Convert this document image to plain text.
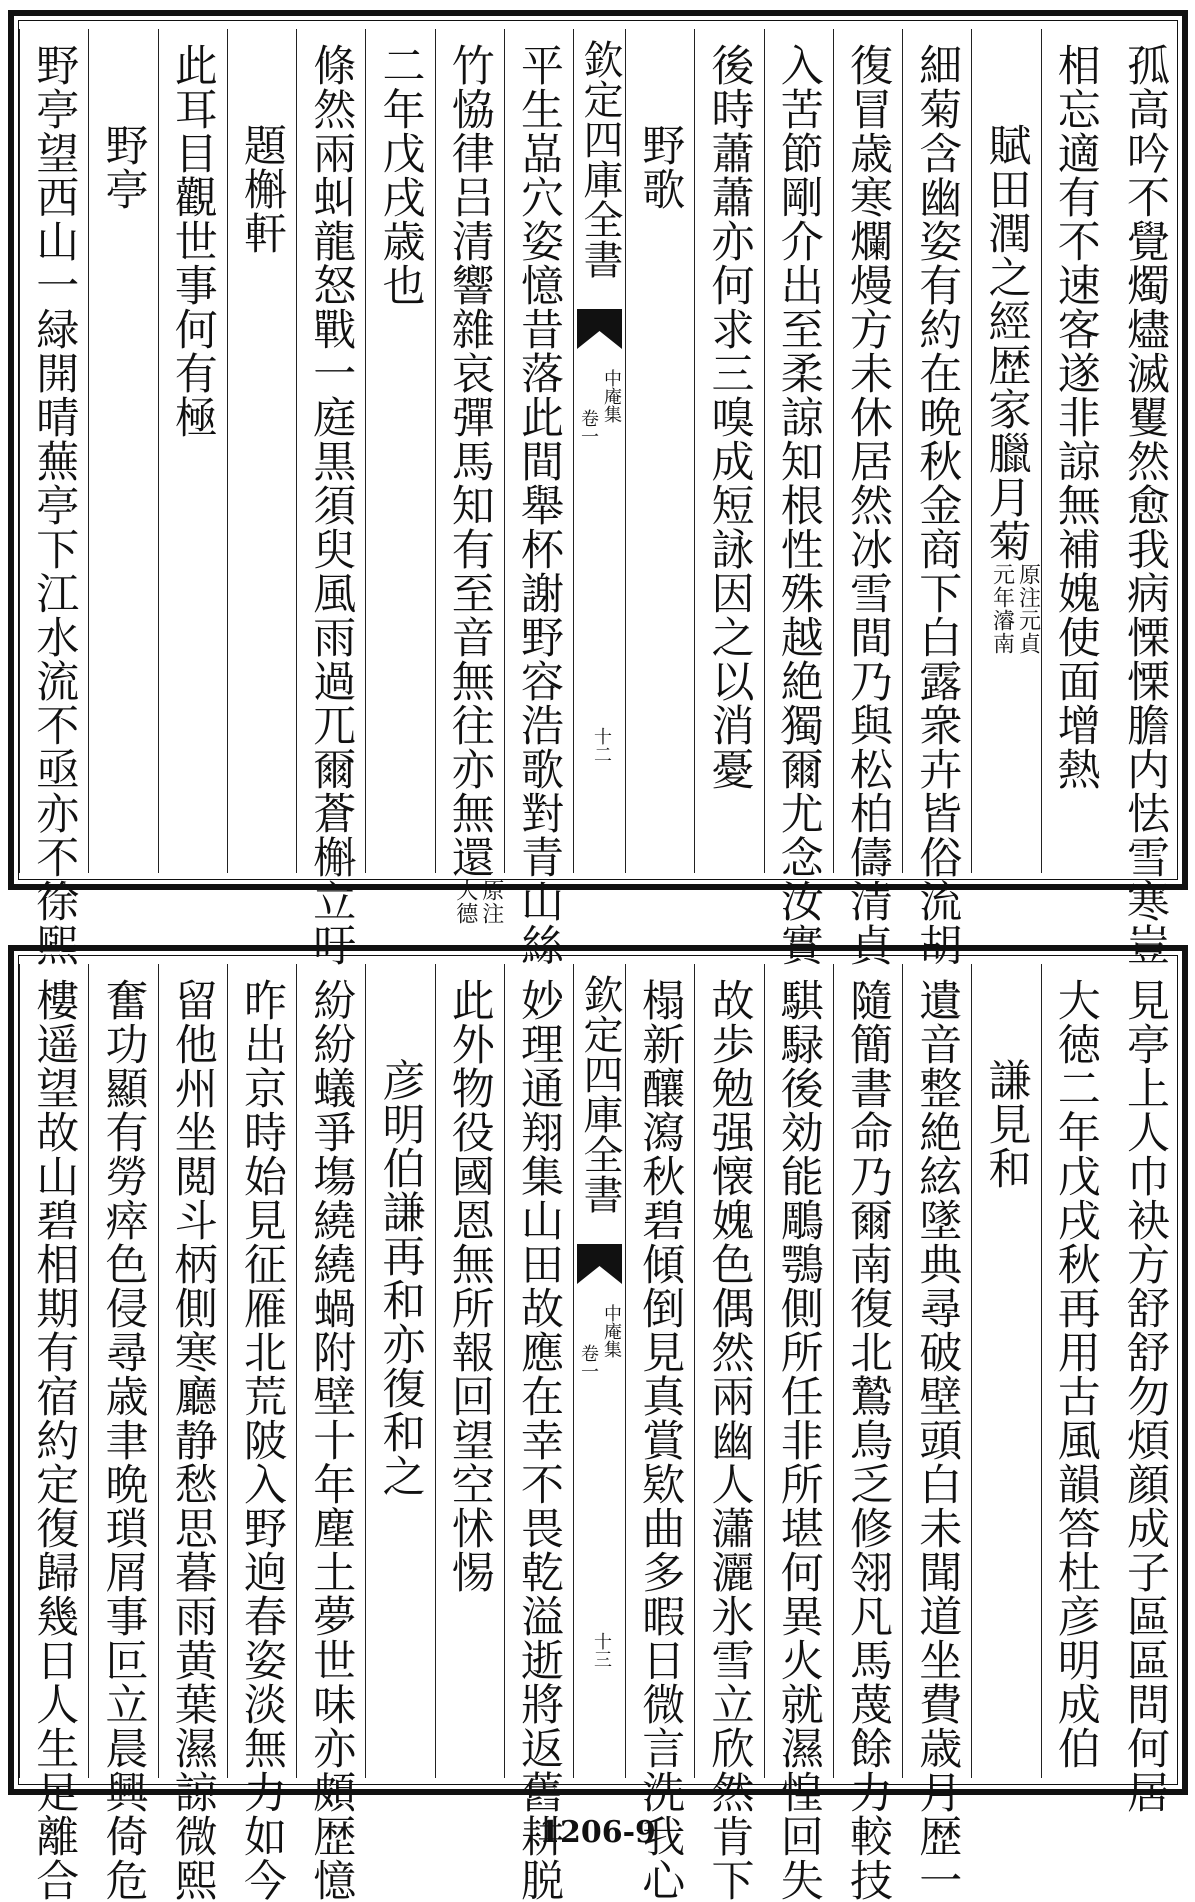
孤高吟不覺燭燼滅矍然愈我病慄慄膽内怯雪寒豈
相忘適有不速客遂非諒無補媿使面增熱
賦田潤之經歴家臘月菊
原注元貞
元年濬南
細菊含幽姿有約在晩秋金商下白露衆卉皆俗流胡
復冒歳寒爛熳方未休居然冰雪間乃與松柏儔清貞
入苦節剛介出至柔諒知根性殊越絶獨爾尤念汝實
後時蕭蕭亦何求三嗅成短詠因之以消憂
野歌
欽定四庫全書
中庵集
卷一
十二
平生嵓穴姿憶昔落此間舉杯謝野容浩歌對青山絲
竹恊律吕清響雜哀彈馬知有至音無往亦無還
原注
大德
二年戊戌歳也
條然兩虯龍怒戰一庭黒須臾風雨過兀爾蒼槲立吁
題槲軒
此耳目觀世事何有極
野亭
野亭望西山一緑開晴蕪亭下江水流不亟亦不徐煕
見亭上人巾袂方舒舒勿煩顔成子區區問何居
大徳二年戊戌秋再用古風韻答杜彦明成伯
謙見和
遺音整絶絃墜典尋破壁頭白未聞道坐費歳月歴一
隨簡書命乃爾南復北鷙鳥乏修翎凡馬蔑餘力較技
騏騄後効能鵰鶚側所任非所堪何異火就濕惶回失
故歩勉强懐媿色偶然兩幽人瀟灑氷雪立欣然肯下
榻新釀瀉秋碧傾倒見真賞欵曲多暇日微言洗我心
欽定四庫全書
中庵集
卷一
十三
妙理通翔集山田故應在幸不畏乾溢逝將返舊耕脱
此外物役國恩無所報回望空怵惕
彦明伯謙再和亦復和之
紛紛蟻爭塲繞繞蝸附壁十年塵土夢世味亦頗歴憶
昨出京時始見征雁北荒陂入野逈春姿淡無力如今
留他州坐閲斗柄側寒廳静愁思暮雨黄葉濕諒微熙
奮功顯有勞瘁色侵尋歳聿晩瑣屑事叵立晨興倚危
樓遥望故山碧相期有宿約定復歸幾日人生足離合	1206-9
